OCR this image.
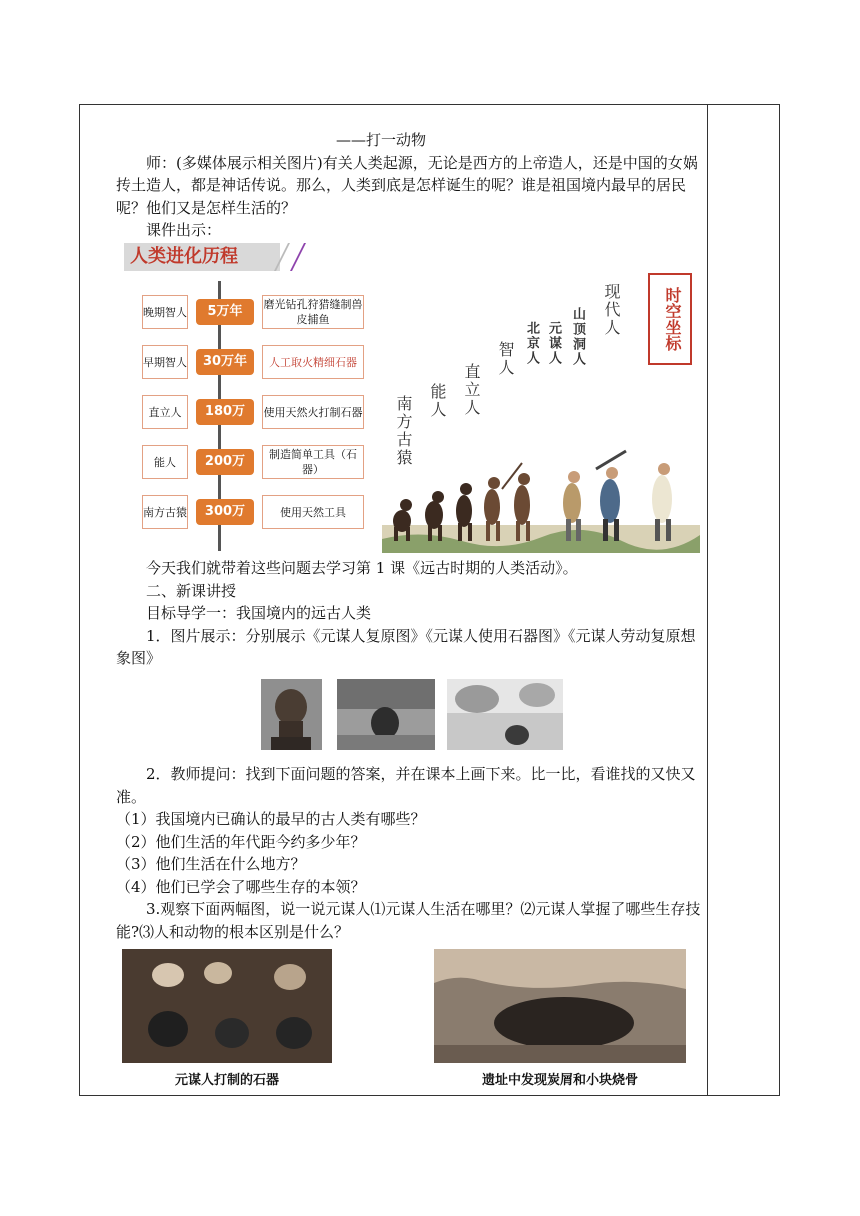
——打一动物

师：(多媒体展示相关图片)有关人类起源，无论是西方的上帝造人，还是中国的女娲抟土造人，都是神话传说。那么，人类到底是怎样诞生的呢？谁是祖国境内最早的居民呢？他们又是怎样生活的？

课件出示：

人类进化历程
晚期智人	5万年	磨光钻孔狩猎缝制兽皮捕鱼
早期智人	30万年	人工取火精细石器
直立人	180万	使用天然火打制石器
能人	200万	制造简单工具（石器）
南方古猿	300万	使用天然工具
南方古猿 能人 直立人
智人 北京人 元谋人 山顶洞人 现代人	时空坐标

今天我们就带着这些问题去学习第 1 课《远古时期的人类活动》。

二、新课讲授

目标导学一：我国境内的远古人类

1．图片展示：分别展示《元谋人复原图》《元谋人使用石器图》《元谋人劳动复原想象图》

2．教师提问：找到下面问题的答案，并在课本上画下来。比一比，看谁找的又快又准。

（1）我国境内已确认的最早的古人类有哪些？

（2）他们生活的年代距今约多少年？

（3）他们生活在什么地方？

（4）他们已学会了哪些生存的本领？

3.观察下面两幅图，说一说元谋人⑴元谋人生活在哪里？⑵元谋人掌握了哪些生存技能?⑶人和动物的根本区别是什么？

元谋人打制的石器	遗址中发现炭屑和小块烧骨
